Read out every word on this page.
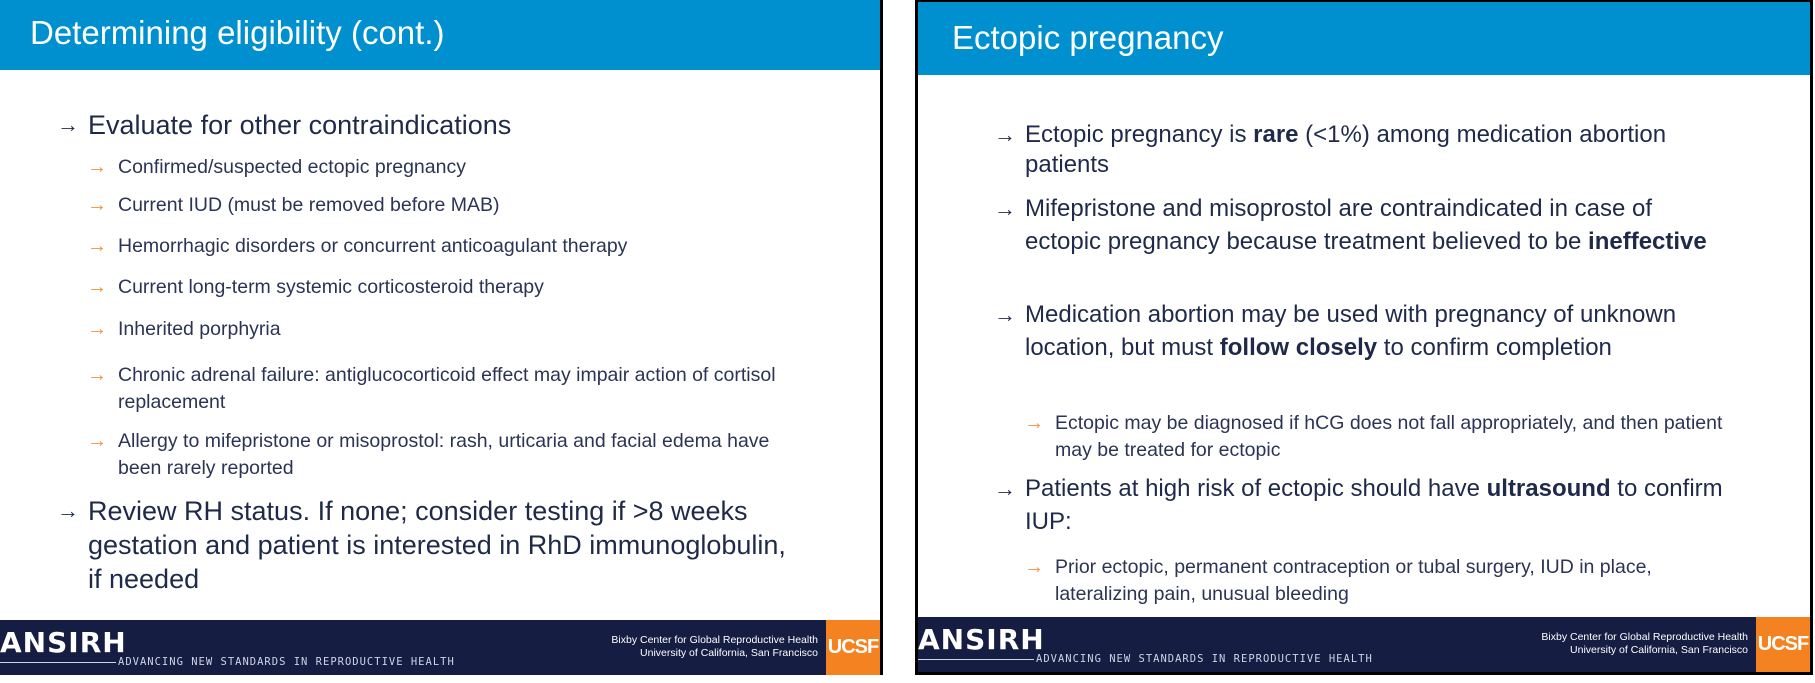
Determining eligibility (cont.)
→ Evaluate for other contraindications
→ Confirmed/suspected ectopic pregnancy
→ Current IUD (must be removed before MAB)
→ Hemorrhagic disorders or concurrent anticoagulant therapy
→ Current long-term systemic corticosteroid therapy
→ Inherited porphyria
→ Chronic adrenal failure: antiglucocorticoid effect may impair action of cortisol replacement
→ Allergy to mifepristone or misoprostol: rash, urticaria and facial edema have been rarely reported
→ Review RH status. If none; consider testing if >8 weeks gestation and patient is interested in RhD immunoglobulin, if needed
ANSIRH
ADVANCING NEW STANDARDS IN REPRODUCTIVE HEALTH
Bixby Center for Global Reproductive Health
University of California, San Francisco UCSF
Ectopic pregnancy
→ Ectopic pregnancy is rare (<1%) among medication abortion patients
→ Mifepristone and misoprostol are contraindicated in case of ectopic pregnancy because treatment believed to be ineffective
→ Medication abortion may be used with pregnancy of unknown location, but must follow closely to confirm completion
→ Ectopic may be diagnosed if hCG does not fall appropriately, and then patient may be treated for ectopic
→ Patients at high risk of ectopic should have ultrasound to confirm IUP:
→ Prior ectopic, permanent contraception or tubal surgery, IUD in place, lateralizing pain, unusual bleeding
ANSIRH
ADVANCING NEW STANDARDS IN REPRODUCTIVE HEALTH
Bixby Center for Global Reproductive Health
University of California, San Francisco UCSF
